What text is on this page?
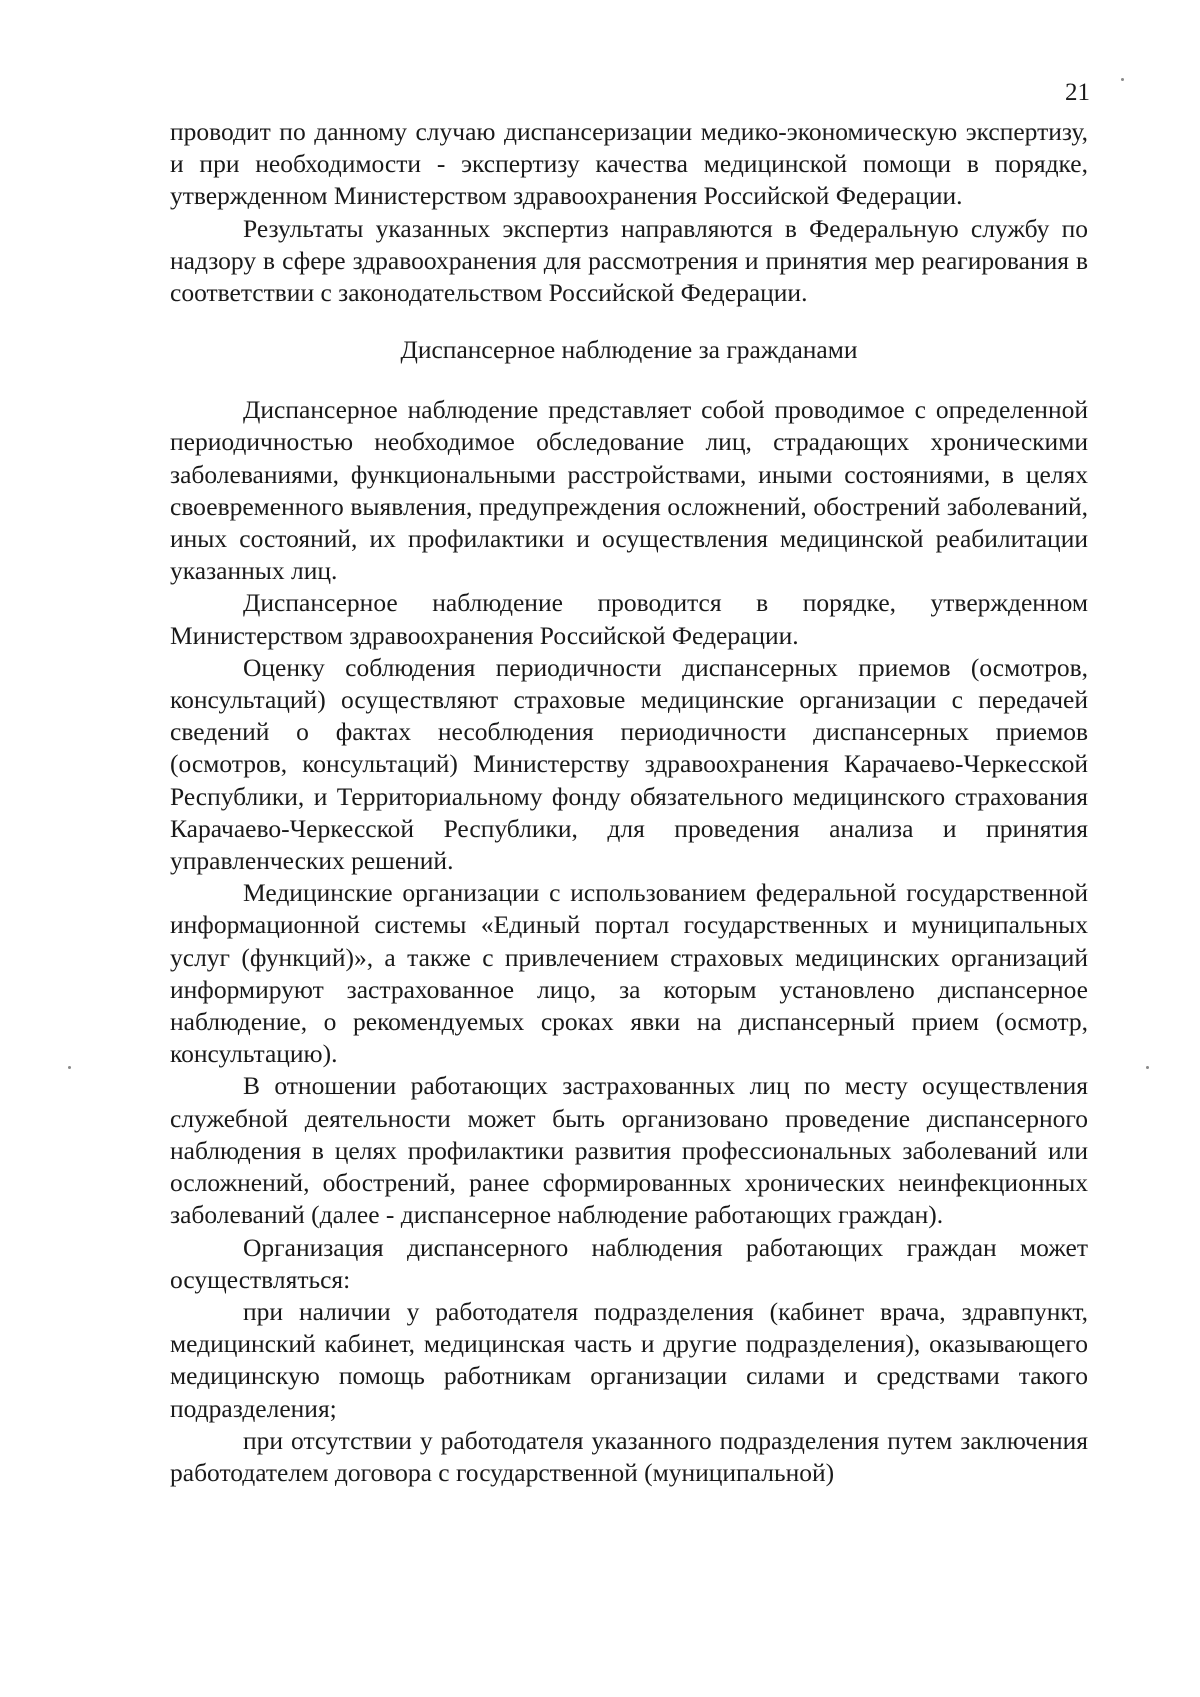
21

проводит по данному случаю диспансеризации медико-экономическую экспертизу, и при необходимости - экспертизу качества медицинской помощи в порядке, утвержденном Министерством здравоохранения Российской Федерации.

Результаты указанных экспертиз направляются в Федеральную службу по надзору в сфере здравоохранения для рассмотрения и принятия мер реагирования в соответствии с законодательством Российской Федерации.

Диспансерное наблюдение за гражданами

Диспансерное наблюдение представляет собой проводимое с определенной периодичностью необходимое обследование лиц, страдающих хроническими заболеваниями, функциональными расстройствами, иными состояниями, в целях своевременного выявления, предупреждения осложнений, обострений заболеваний, иных состояний, их профилактики и осуществления медицинской реабилитации указанных лиц.

Диспансерное наблюдение проводится в порядке, утвержденном Министерством здравоохранения Российской Федерации.

Оценку соблюдения периодичности диспансерных приемов (осмотров, консультаций) осуществляют страховые медицинские организации с передачей сведений о фактах несоблюдения периодичности диспансерных приемов (осмотров, консультаций) Министерству здравоохранения Карачаево-Черкесской Республики, и Территориальному фонду обязательного медицинского страхования Карачаево-Черкесской Республики, для проведения анализа и принятия управленческих решений.

Медицинские организации с использованием федеральной государственной информационной системы «Единый портал государственных и муниципальных услуг (функций)», а также с привлечением страховых медицинских организаций информируют застрахованное лицо, за которым установлено диспансерное наблюдение, о рекомендуемых сроках явки на диспансерный прием (осмотр, консультацию).

В отношении работающих застрахованных лиц по месту осуществления служебной деятельности может быть организовано проведение диспансерного наблюдения в целях профилактики развития профессиональных заболеваний или осложнений, обострений, ранее сформированных хронических неинфекционных заболеваний (далее - диспансерное наблюдение работающих граждан).

Организация диспансерного наблюдения работающих граждан может осуществляться:

при наличии у работодателя подразделения (кабинет врача, здравпункт, медицинский кабинет, медицинская часть и другие подразделения), оказывающего медицинскую помощь работникам организации силами и средствами такого подразделения;

при отсутствии у работодателя указанного подразделения путем заключения работодателем договора с государственной (муниципальной)
